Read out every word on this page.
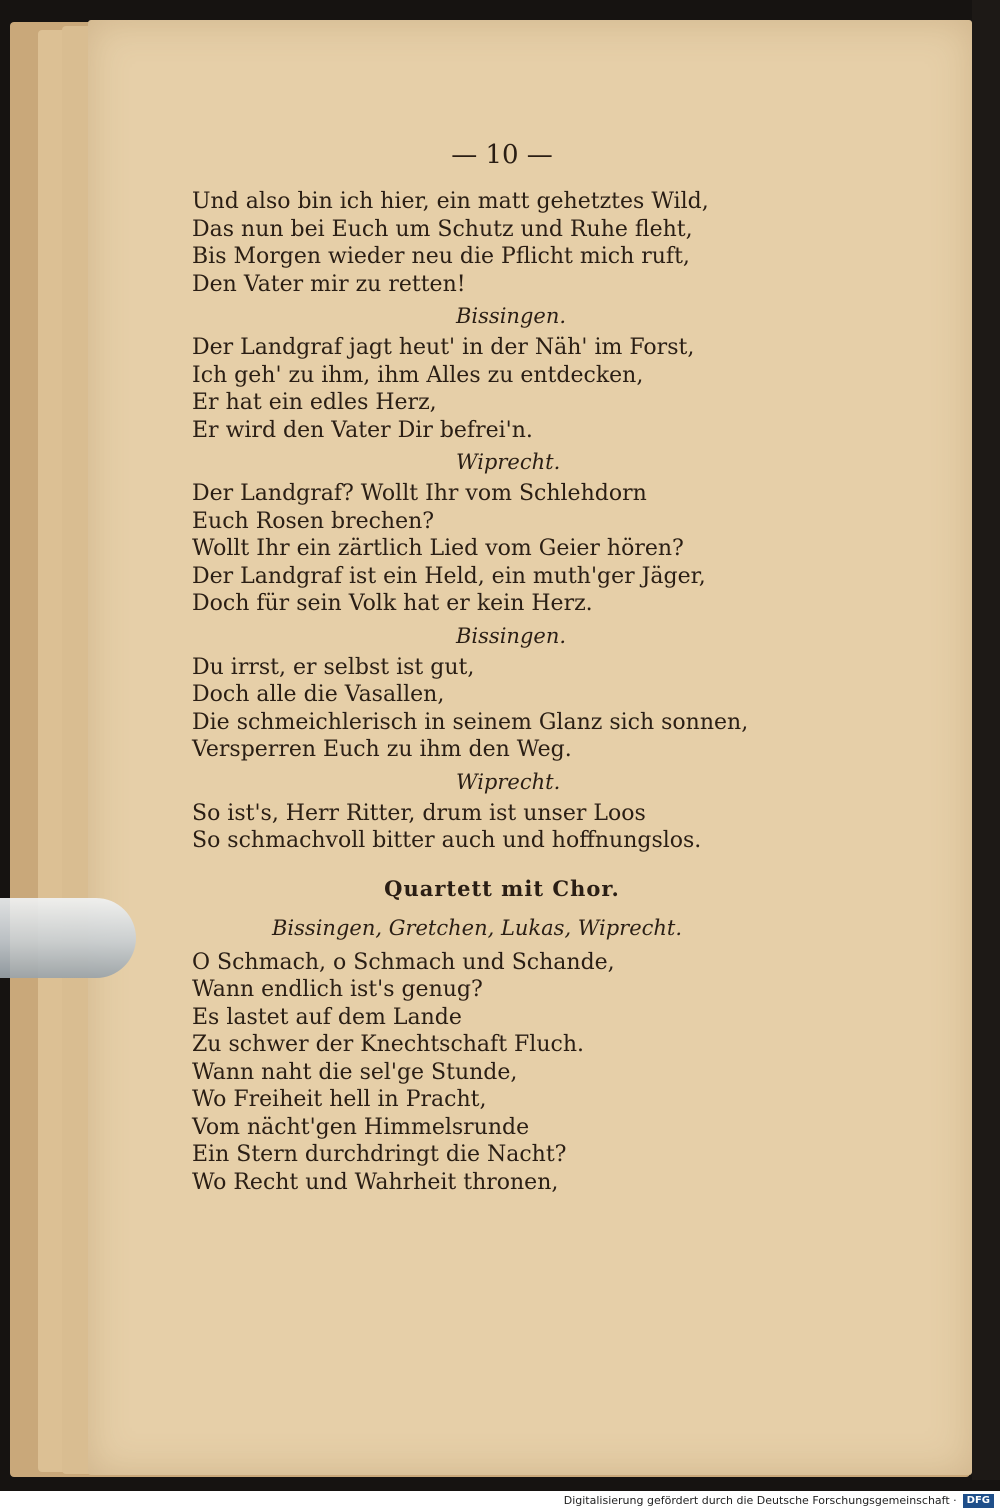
— 10 —
Und also bin ich hier, ein matt gehetztes Wild,
Das nun bei Euch um Schutz und Ruhe fleht,
Bis Morgen wieder neu die Pflicht mich ruft,
Den Vater mir zu retten!
Bissingen.
Der Landgraf jagt heut' in der Näh' im Forst,
Ich geh' zu ihm, ihm Alles zu entdecken,
Er hat ein edles Herz,
Er wird den Vater Dir befrei'n.
Wiprecht.
Der Landgraf? Wollt Ihr vom Schlehdorn
Euch Rosen brechen?
Wollt Ihr ein zärtlich Lied vom Geier hören?
Der Landgraf ist ein Held, ein muth'ger Jäger,
Doch für sein Volk hat er kein Herz.
Bissingen.
Du irrst, er selbst ist gut,
Doch alle die Vasallen,
Die schmeichlerisch in seinem Glanz sich sonnen,
Versperren Euch zu ihm den Weg.
Wiprecht.
So ist's, Herr Ritter, drum ist unser Loos
So schmachvoll bitter auch und hoffnungslos.
Quartett mit Chor.
Bissingen, Gretchen, Lukas, Wiprecht.
O Schmach, o Schmach und Schande,
Wann endlich ist's genug?
Es lastet auf dem Lande
Zu schwer der Knechtschaft Fluch.
Wann naht die sel'ge Stunde,
Wo Freiheit hell in Pracht,
Vom nächt'gen Himmelsrunde
Ein Stern durchdringt die Nacht?
Wo Recht und Wahrheit thronen,
Digitalisierung gefördert durch die Deutsche Forschungsgemeinschaft · DFG
